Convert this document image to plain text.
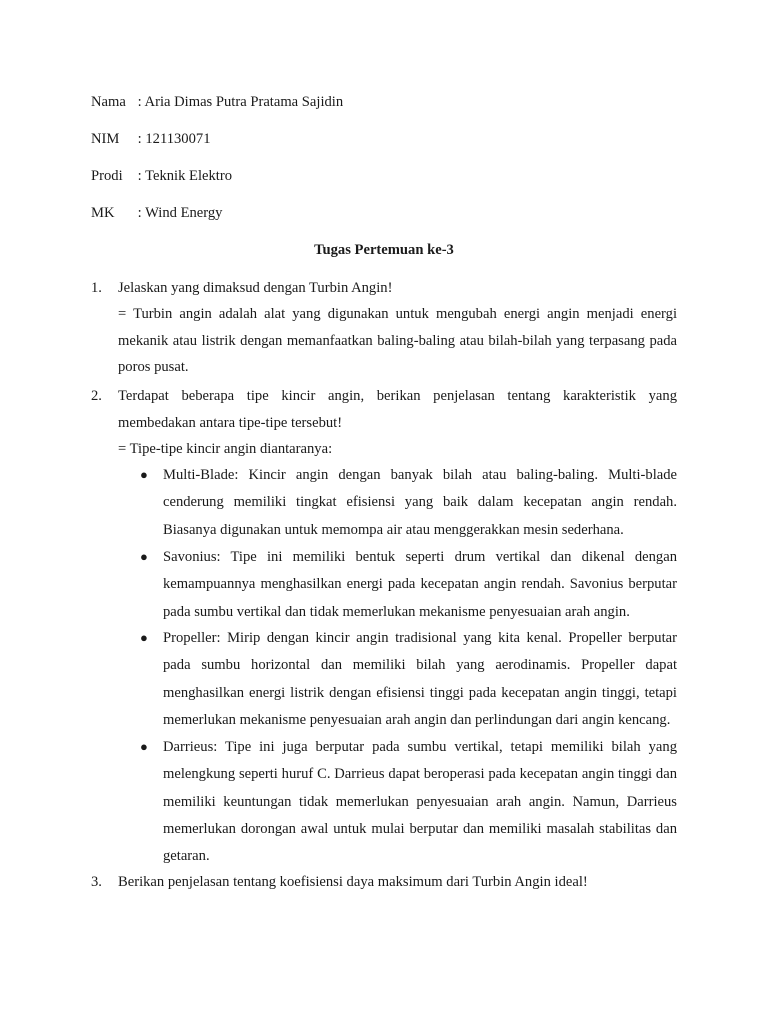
Nama : Aria Dimas Putra Pratama Sajidin
NIM : 121130071
Prodi : Teknik Elektro
MK : Wind Energy
Tugas Pertemuan ke-3
1. Jelaskan yang dimaksud dengan Turbin Angin!
= Turbin angin adalah alat yang digunakan untuk mengubah energi angin menjadi energi mekanik atau listrik dengan memanfaatkan baling-baling atau bilah-bilah yang terpasang pada poros pusat.
2. Terdapat beberapa tipe kincir angin, berikan penjelasan tentang karakteristik yang membedakan antara tipe-tipe tersebut!
= Tipe-tipe kincir angin diantaranya:
● Multi-Blade: Kincir angin dengan banyak bilah atau baling-baling. Multi-blade cenderung memiliki tingkat efisiensi yang baik dalam kecepatan angin rendah. Biasanya digunakan untuk memompa air atau menggerakkan mesin sederhana.
● Savonius: Tipe ini memiliki bentuk seperti drum vertikal dan dikenal dengan kemampuannya menghasilkan energi pada kecepatan angin rendah. Savonius berputar pada sumbu vertikal dan tidak memerlukan mekanisme penyesuaian arah angin.
● Propeller: Mirip dengan kincir angin tradisional yang kita kenal. Propeller berputar pada sumbu horizontal dan memiliki bilah yang aerodinamis. Propeller dapat menghasilkan energi listrik dengan efisiensi tinggi pada kecepatan angin tinggi, tetapi memerlukan mekanisme penyesuaian arah angin dan perlindungan dari angin kencang.
● Darrieus: Tipe ini juga berputar pada sumbu vertikal, tetapi memiliki bilah yang melengkung seperti huruf C. Darrieus dapat beroperasi pada kecepatan angin tinggi dan memiliki keuntungan tidak memerlukan penyesuaian arah angin. Namun, Darrieus memerlukan dorongan awal untuk mulai berputar dan memiliki masalah stabilitas dan getaran.
3. Berikan penjelasan tentang koefisiensi daya maksimum dari Turbin Angin ideal!
